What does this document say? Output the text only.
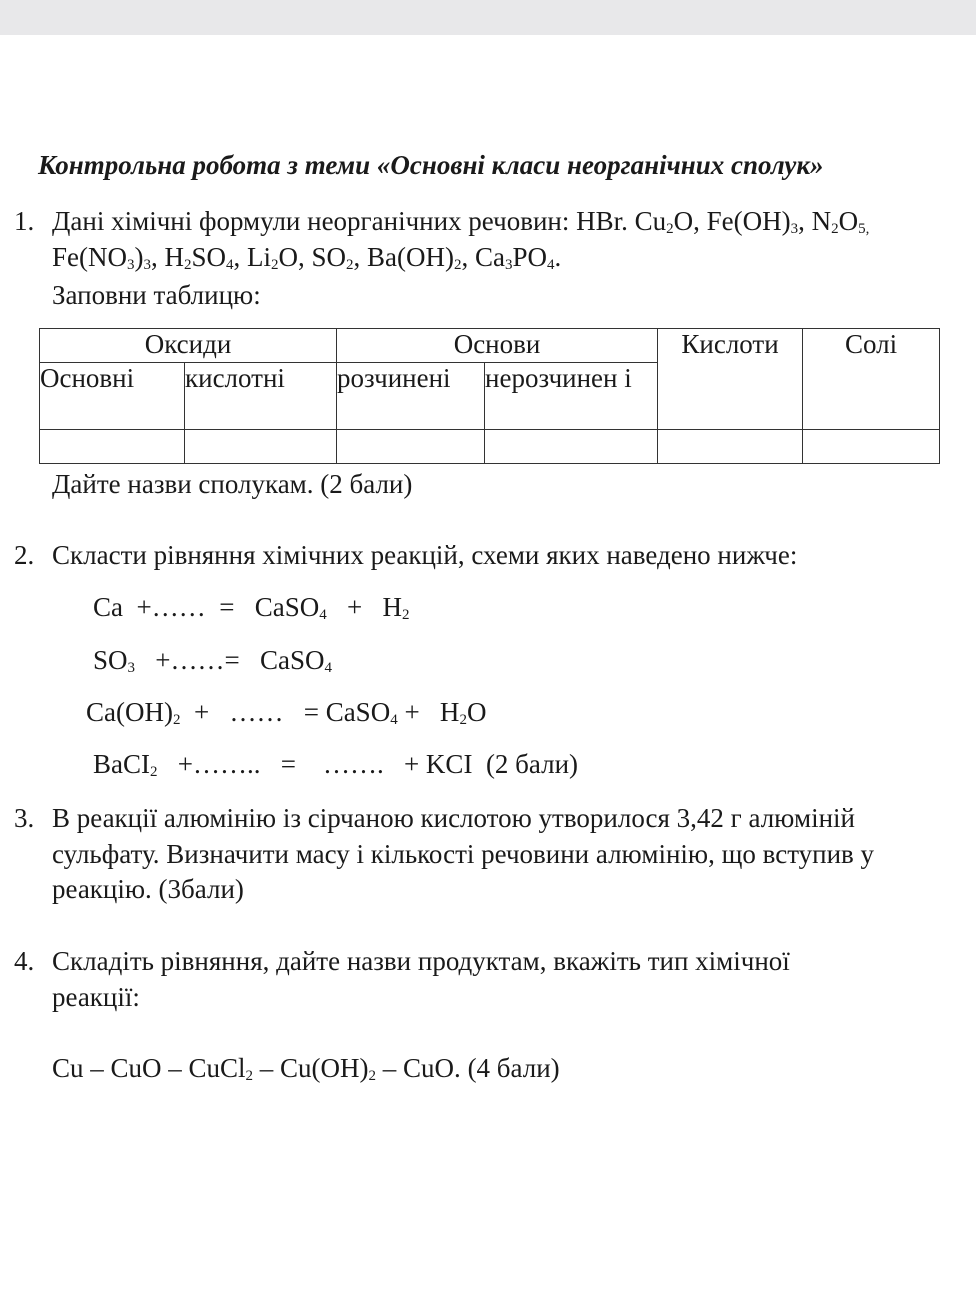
Контрольна робота з теми «Основні класи неорганічних сполук»
1. Дані хімічні формули неорганічних речовин: HBr. $Cu_2O$, $Fe(OH)_3$, $N_2O_{5,}$
$Fe(NO_3)_3$, $H_2SO_4$, $Li_2O$, $SO_2$, $Ba(OH)_2$, $Ca_3PO_4$.
Заповни таблицю:
Оксиди		Основи		Кислоти	Солі
Основні	кислотні	розчинені	нерозчинен і		

Дайте назви сполукам. (2 бали)
2. Скласти рівняння хімічних реакцій, схеми яких наведено нижче:
Ca  +……  =   CaSO$_4$   +   $H_2$
$SO_3$   +……=   CaSO$_4$
$Ca(OH)_2$  +   ……   = CaSO$_4$ +   $H_2O$
BaCI$_2$   +……..   =    …….   + KCI  (2 бали)
3. В реакції алюмінію із сірчаною кислотою утворилося 3,42 г алюміній
сульфату. Визначити масу і кількості речовини алюмінію, що вступив у
реакцію. (3бали)
4. Складіть рівняння, дайте назви продуктам, вкажіть тип хімічної
реакції:
Cu – CuO – CuCl$_2$ – $Cu(OH)_2$ – CuO. (4 бали)
